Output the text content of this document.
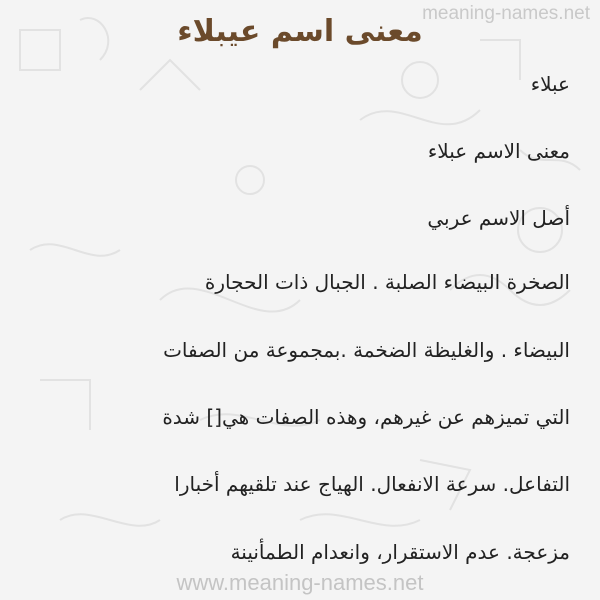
meaning-names.net
معنى اسم عيبلاء
عبلاء
معنى الاسم عبلاء
أصل الاسم عربي
الصخرة البيضاء الصلبة . الجبال ذات الحجارة
البيضاء . والغليظة الضخمة .بمجموعة من الصفات
التي تميزهم عن غيرهم، وهذه الصفات هي[] شدة
التفاعل. سرعة الانفعال. الهياج عند تلقيهم أخبارا
مزعجة. عدم الاستقرار، وانعدام الطمأنينة
www.meaning-names.net
